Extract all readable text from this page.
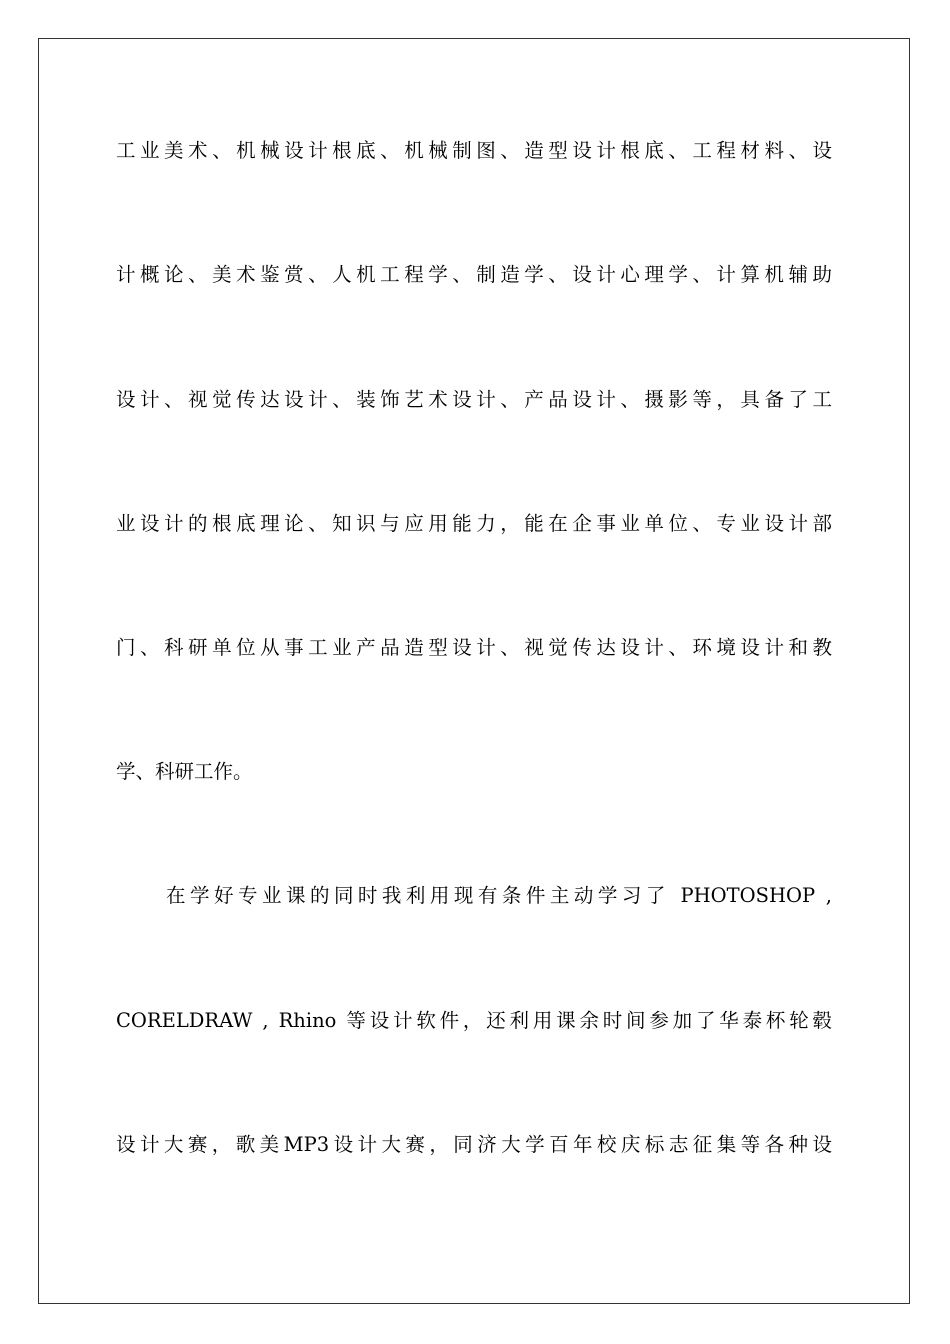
工业美术、机械设计根底、机械制图、造型设计根底、工程材料、设
计概论、美术鉴赏、人机工程学、制造学、设计心理学、计算机辅助
设计、视觉传达设计、装饰艺术设计、产品设计、摄影等，具备了工
业设计的根底理论、知识与应用能力，能在企事业单位、专业设计部
门、科研单位从事工业产品造型设计、视觉传达设计、环境设计和教
学、科研工作。
在学好专业课的同时我利用现有条件主动学习了 PHOTOSHOP ,
CORELDRAW , Rhino 等设计软件，还利用课余时间参加了华泰杯轮毂
设计大赛，歌美MP3设计大赛，同济大学百年校庆标志征集等各种设
